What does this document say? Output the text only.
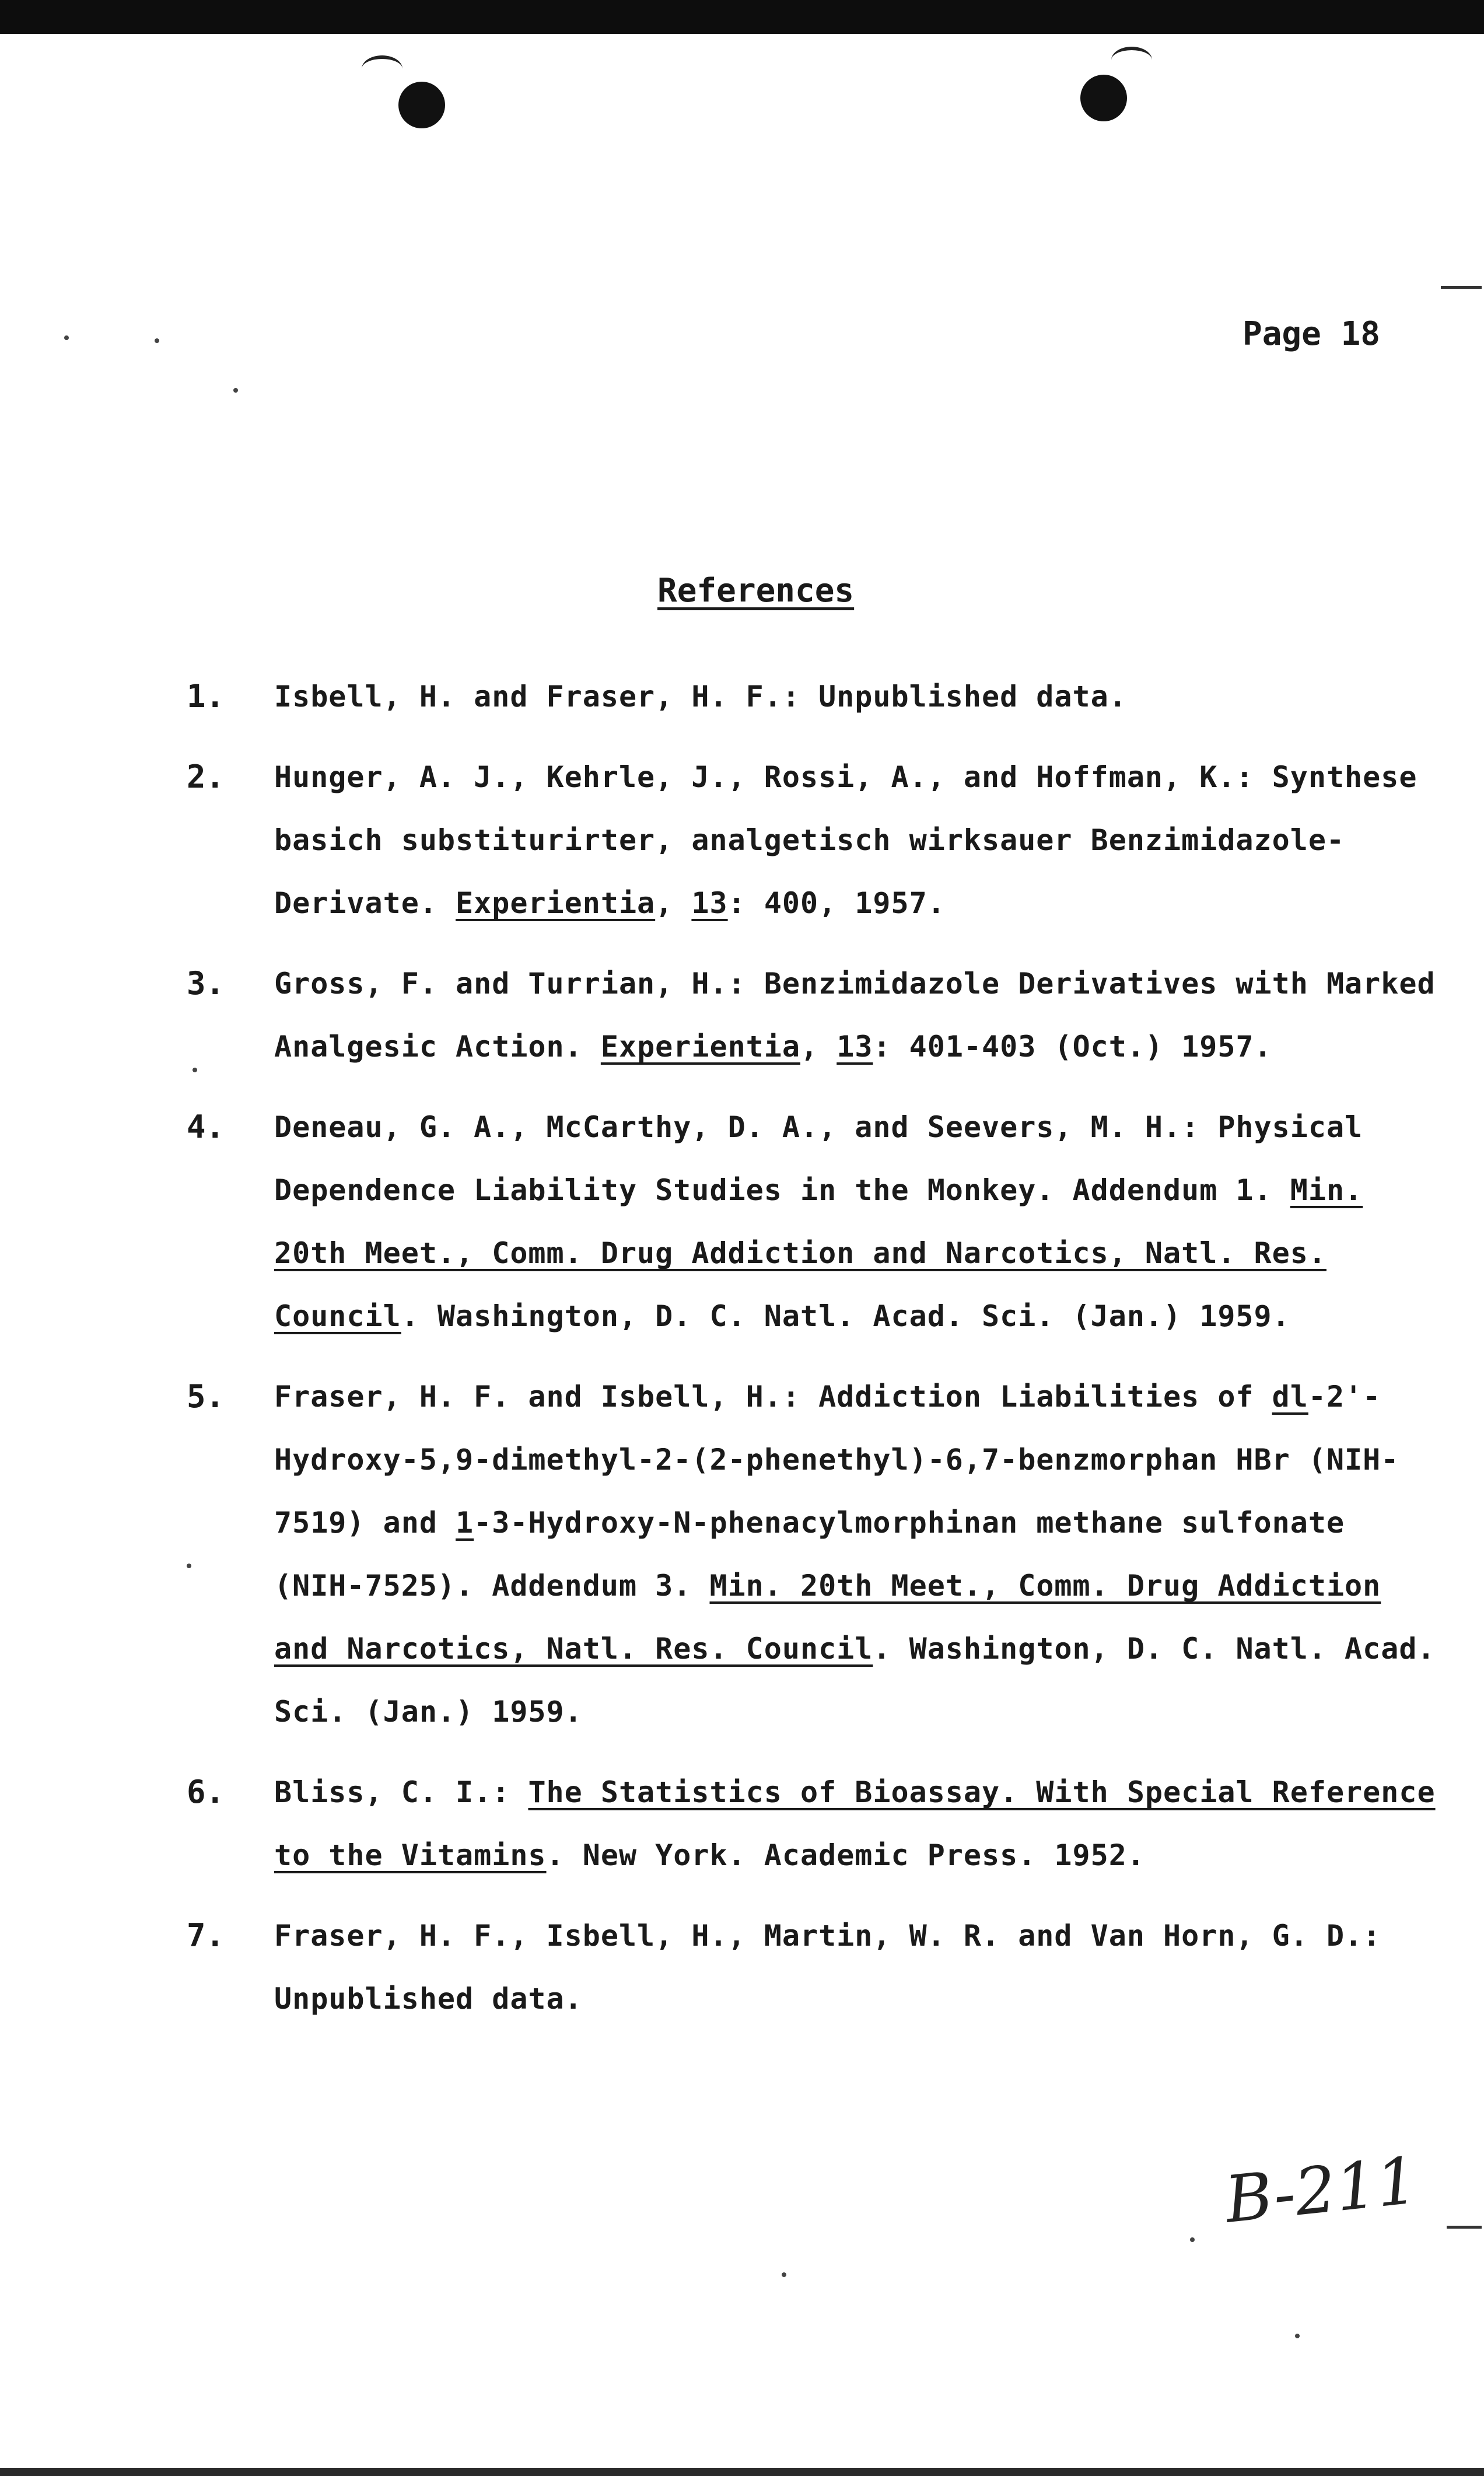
Page 18
References
1. Isbell, H. and Fraser, H. F.: Unpublished data.
2. Hunger, A. J., Kehrle, J., Rossi, A., and Hoffman, K.: Synthese basich substiturirter, analgetisch wirksauer Benzimidazole-Derivate. Experientia, 13: 400, 1957.
3. Gross, F. and Turrian, H.: Benzimidazole Derivatives with Marked Analgesic Action. Experientia, 13: 401-403 (Oct.) 1957.
4. Deneau, G. A., McCarthy, D. A., and Seevers, M. H.: Physical Dependence Liability Studies in the Monkey. Addendum 1. Min. 20th Meet., Comm. Drug Addiction and Narcotics, Natl. Res. Council. Washington, D. C. Natl. Acad. Sci. (Jan.) 1959.
5. Fraser, H. F. and Isbell, H.: Addiction Liabilities of dl-2'-Hydroxy-5,9-dimethyl-2-(2-phenethyl)-6,7-benzmorphan HBr (NIH-7519) and 1-3-Hydroxy-N-phenacylmorphinan methane sulfonate (NIH-7525). Addendum 3. Min. 20th Meet., Comm. Drug Addiction and Narcotics, Natl. Res. Council. Washington, D. C. Natl. Acad. Sci. (Jan.) 1959.
6. Bliss, C. I.: The Statistics of Bioassay. With Special Reference to the Vitamins. New York. Academic Press. 1952.
7. Fraser, H. F., Isbell, H., Martin, W. R. and Van Horn, G. D.: Unpublished data.
B-211
